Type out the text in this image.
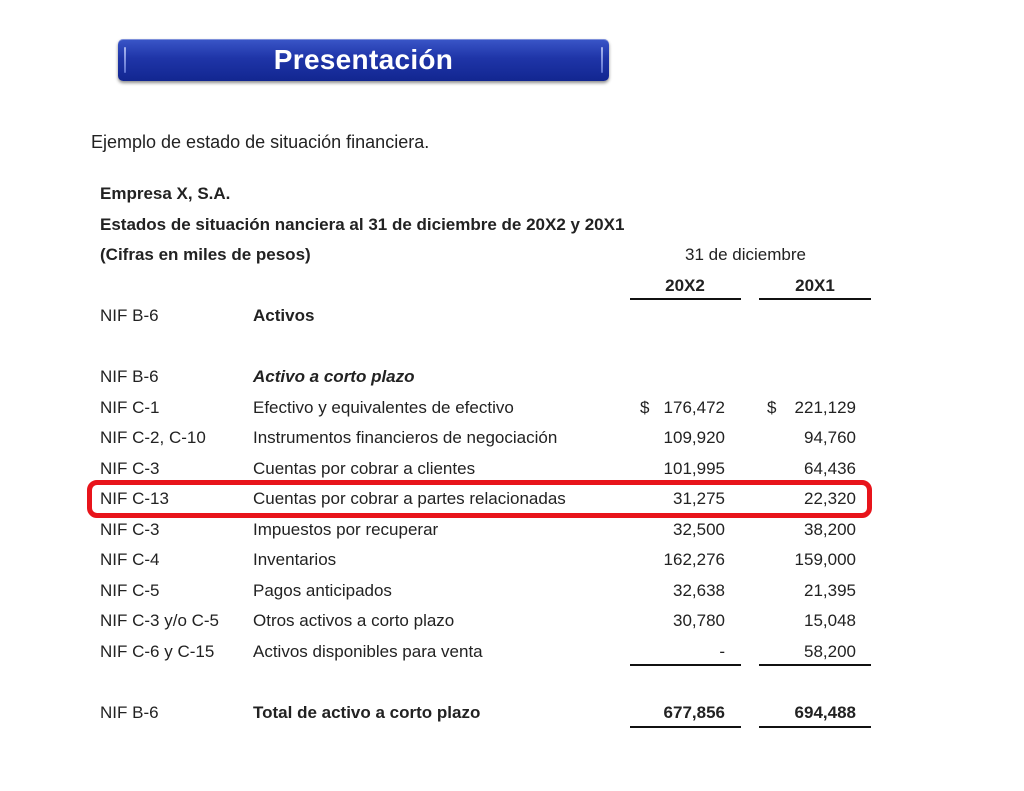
Presentación
Ejemplo de estado de situación financiera.
Empresa X, S.A.
Estados de situación nanciera al 31 de diciembre de 20X2 y 20X1
(Cifras en miles de pesos)	31 de diciembre
20X2	20X1
NIF B-6	Activos
NIF B-6	Activo a corto plazo
NIF C-1	Efectivo y equivalentes de efectivo	$ 176,472 $ 221,129
NIF C-2, C-10	Instrumentos financieros de negociación	109,920	94,760
NIF C-3	Cuentas por cobrar a clientes	101,995	64,436
NIF C-13	Cuentas por cobrar a partes relacionadas	31,275	22,320
NIF C-3	Impuestos por recuperar	32,500	38,200
NIF C-4	Inventarios	162,276	159,000
NIF C-5	Pagos anticipados	32,638	21,395
NIF C-3 y/o C-5 Otros activos a corto plazo	30,780	15,048
NIF C-6 y C-15 Activos disponibles para venta	-	58,200
NIF B-6	Total de activo a corto plazo	677,856	694,488
